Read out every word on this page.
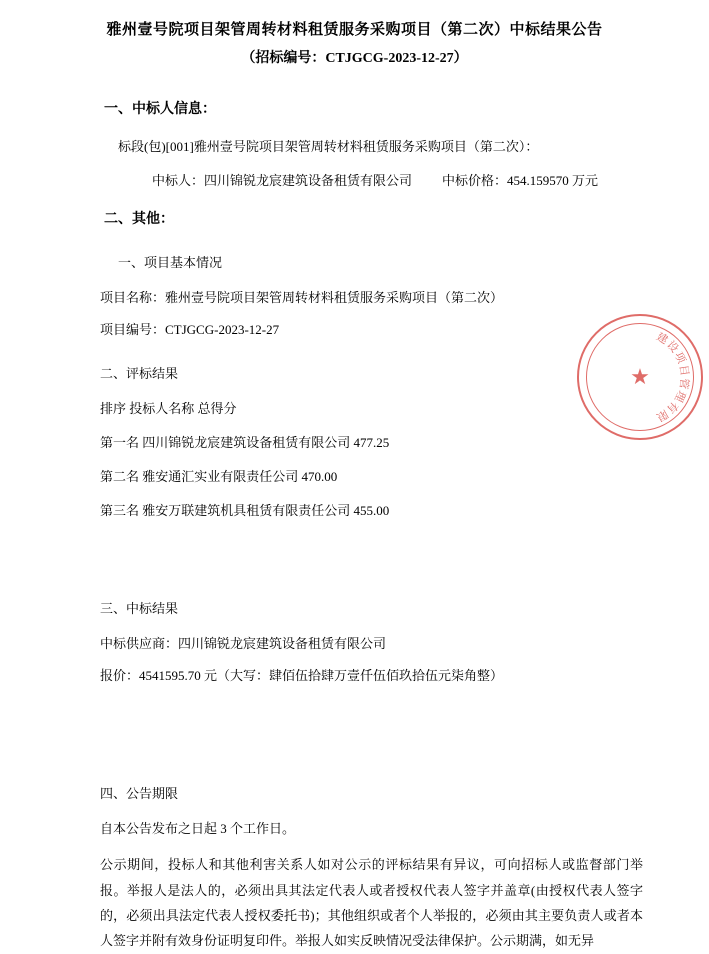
雅州壹号院项目架管周转材料租赁服务采购项目（第二次）中标结果公告
（招标编号：CTJGCG-2023-12-27）
一、中标人信息：
标段(包)[001]雅州壹号院项目架管周转材料租赁服务采购项目（第二次）：
中标人：四川锦锐龙宸建筑设备租赁有限公司 中标价格：454.159570 万元
二、其他：
一、项目基本情况
项目名称：雅州壹号院项目架管周转材料租赁服务采购项目（第二次）
项目编号：CTJGCG-2023-12-27
二、评标结果
排序 投标人名称 总得分
第一名 四川锦锐龙宸建筑设备租赁有限公司 477.25
第二名 雅安通汇实业有限责任公司 470.00
第三名 雅安万联建筑机具租赁有限责任公司 455.00
三、中标结果
中标供应商：四川锦锐龙宸建筑设备租赁有限公司
报价：4541595.70 元（大写：肆佰伍拾肆万壹仟伍佰玖拾伍元柒角整）
四、公告期限
自本公告发布之日起 3 个工作日。
公示期间，投标人和其他利害关系人如对公示的评标结果有异议，可向招标人或监督部门举报。举报人是法人的，必须出具其法定代表人或者授权代表人签字并盖章(由授权代表人签字的，必须出具法定代表人授权委托书)；其他组织或者个人举报的，必须由其主要负责人或者本人签字并附有效身份证明复印件。举报人如实反映情况受法律保护。公示期满，如无异
★
建
设
项
目
管
理
有
限
